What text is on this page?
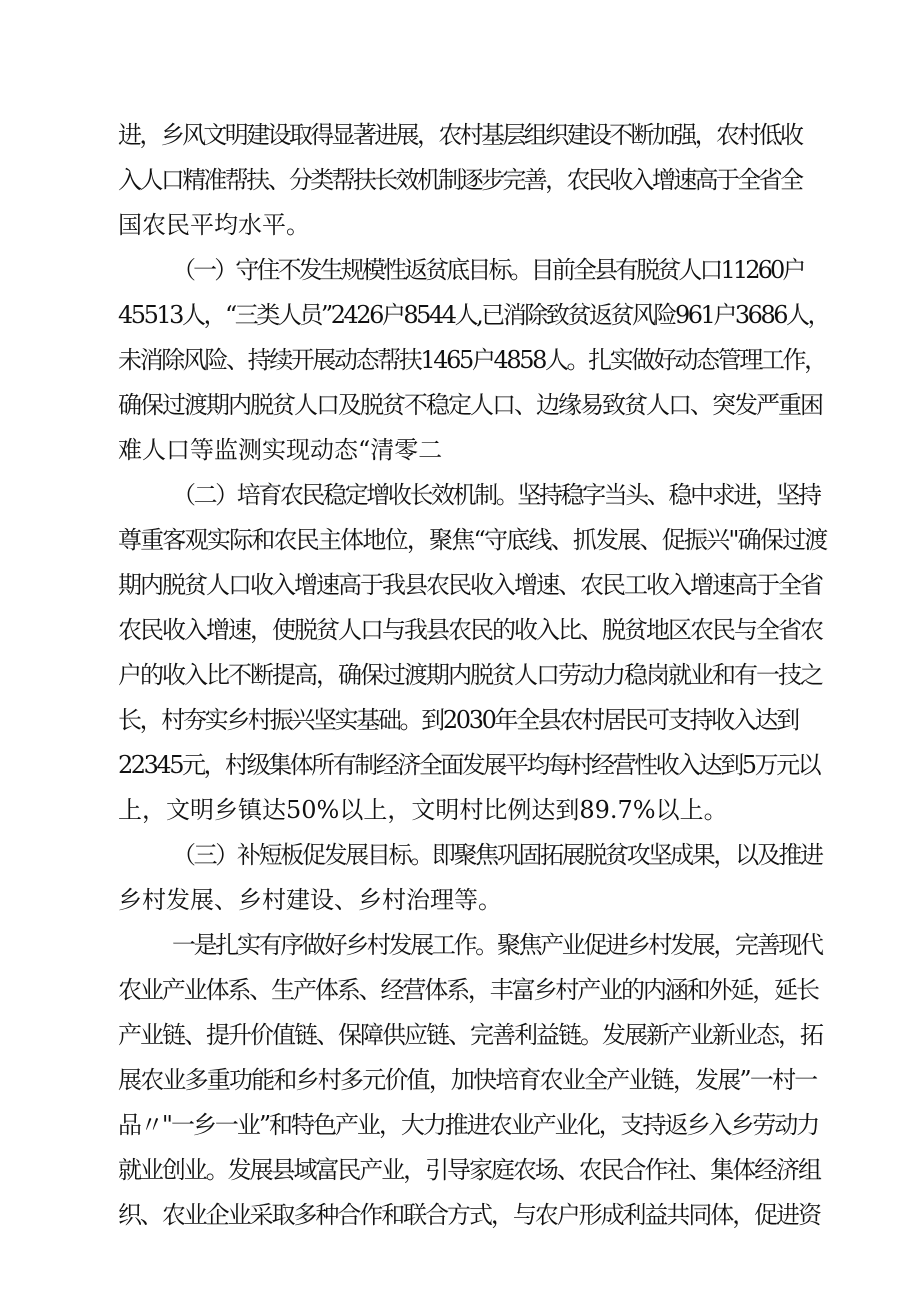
进，乡风文明建设取得显著进展，农村基层组织建设不断加强，农村低收

入人口精准帮扶、分类帮扶长效机制逐步完善，农民收入增速高于全省全

国农民平均水平。

（一）守住不发生规模性返贫底目标。目前全县有脱贫人口11260户

45513人，“三类人员”2426户8544人,已消除致贫返贫风险961户3686人，

未消除风险、持续开展动态帮扶1465户4858人。扎实做好动态管理工作，

确保过渡期内脱贫人口及脱贫不稳定人口、边缘易致贫人口、突发严重困

难人口等监测实现动态“清零二

（二）培育农民稳定增收长效机制。坚持稳字当头、稳中求进，坚持

尊重客观实际和农民主体地位，聚焦“守底线、抓发展、促振兴"确保过渡

期内脱贫人口收入增速高于我县农民收入增速、农民工收入增速高于全省

农民收入增速，使脱贫人口与我县农民的收入比、脱贫地区农民与全省农

户的收入比不断提高，确保过渡期内脱贫人口劳动力稳岗就业和有一技之

长，村夯实乡村振兴坚实基础。到2030年全县农村居民可支持收入达到

22345元，村级集体所有制经济全面发展平均每村经营性收入达到5万元以

上，文明乡镇达50%以上，文明村比例达到89.7%以上。

（三）补短板促发展目标。即聚焦巩固拓展脱贫攻坚成果，以及推进

乡村发展、乡村建设、乡村治理等。

一是扎实有序做好乡村发展工作。聚焦产业促进乡村发展，完善现代

农业产业体系、生产体系、经营体系，丰富乡村产业的内涵和外延，延长

产业链、提升价值链、保障供应链、完善利益链。发展新产业新业态，拓

展农业多重功能和乡村多元价值，加快培育农业全产业链，发展”一村一

品〃"一乡一业”和特色产业，大力推进农业产业化，支持返乡入乡劳动力

就业创业。发展县域富民产业，引导家庭农场、农民合作社、集体经济组

织、农业企业采取多种合作和联合方式，与农户形成利益共同体，促进资
